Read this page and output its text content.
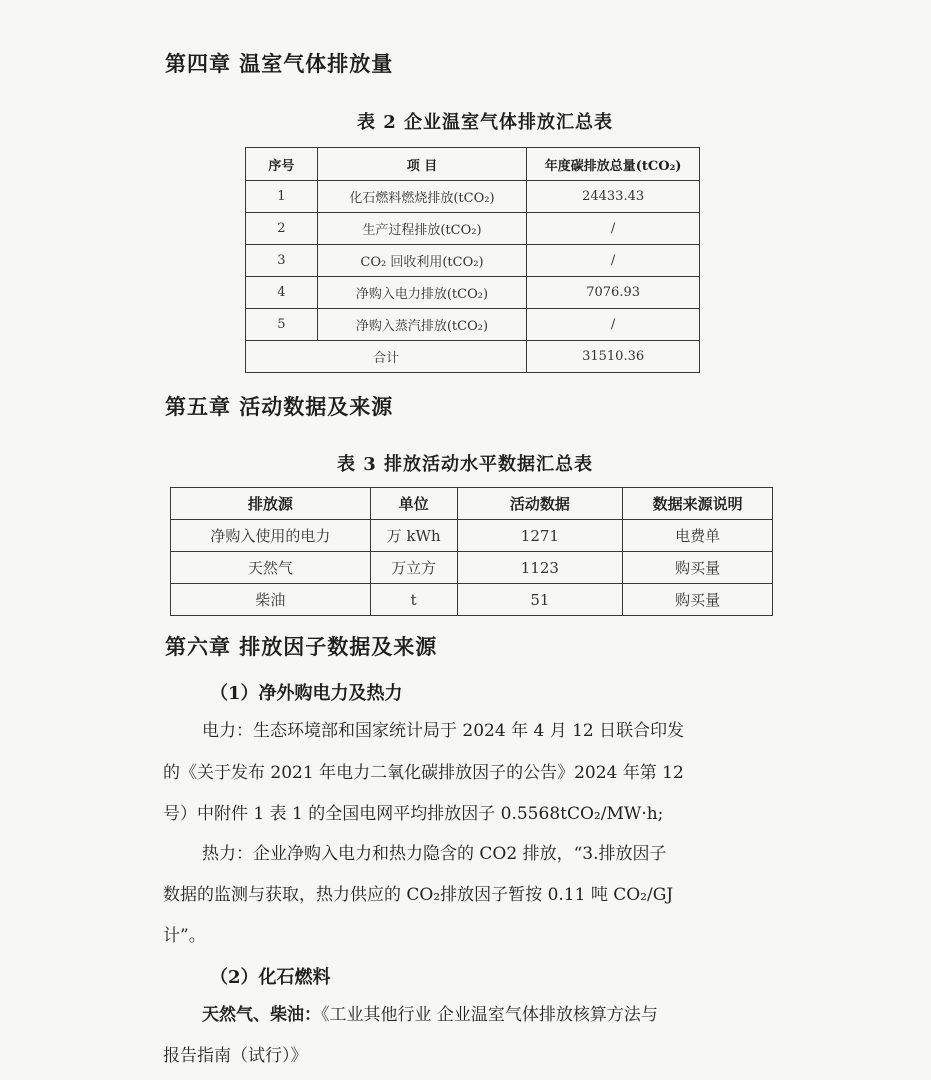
第四章 温室气体排放量
表 2 企业温室气体排放汇总表
序号	项 目	年度碳排放总量(tCO₂)
1	化石燃料燃烧排放(tCO₂)	24433.43
2	生产过程排放(tCO₂)	/
3	CO₂ 回收利用(tCO₂)	/
4	净购入电力排放(tCO₂)	7076.93
5	净购入蒸汽排放(tCO₂)	/
合计		31510.36
第五章 活动数据及来源
表 3 排放活动水平数据汇总表
排放源	单位	活动数据	数据来源说明
净购入使用的电力	万 kWh	1271	电费单
天然气	万立方	1123	购买量
柴油	t	51	购买量
第六章 排放因子数据及来源
（1）净外购电力及热力
电力：生态环境部和国家统计局于 2024 年 4 月 12 日联合印发
的《关于发布 2021 年电力二氧化碳排放因子的公告》2024 年第 12
号）中附件 1 表 1 的全国电网平均排放因子 0.5568tCO₂/MW·h;
热力：企业净购入电力和热力隐含的 CO2 排放，“3.排放因子
数据的监测与获取，热力供应的 CO₂排放因子暂按 0.11 吨 CO₂/GJ
计”。
（2）化石燃料
天然气、柴油：《工业其他行业 企业温室气体排放核算方法与
报告指南（试行）》
